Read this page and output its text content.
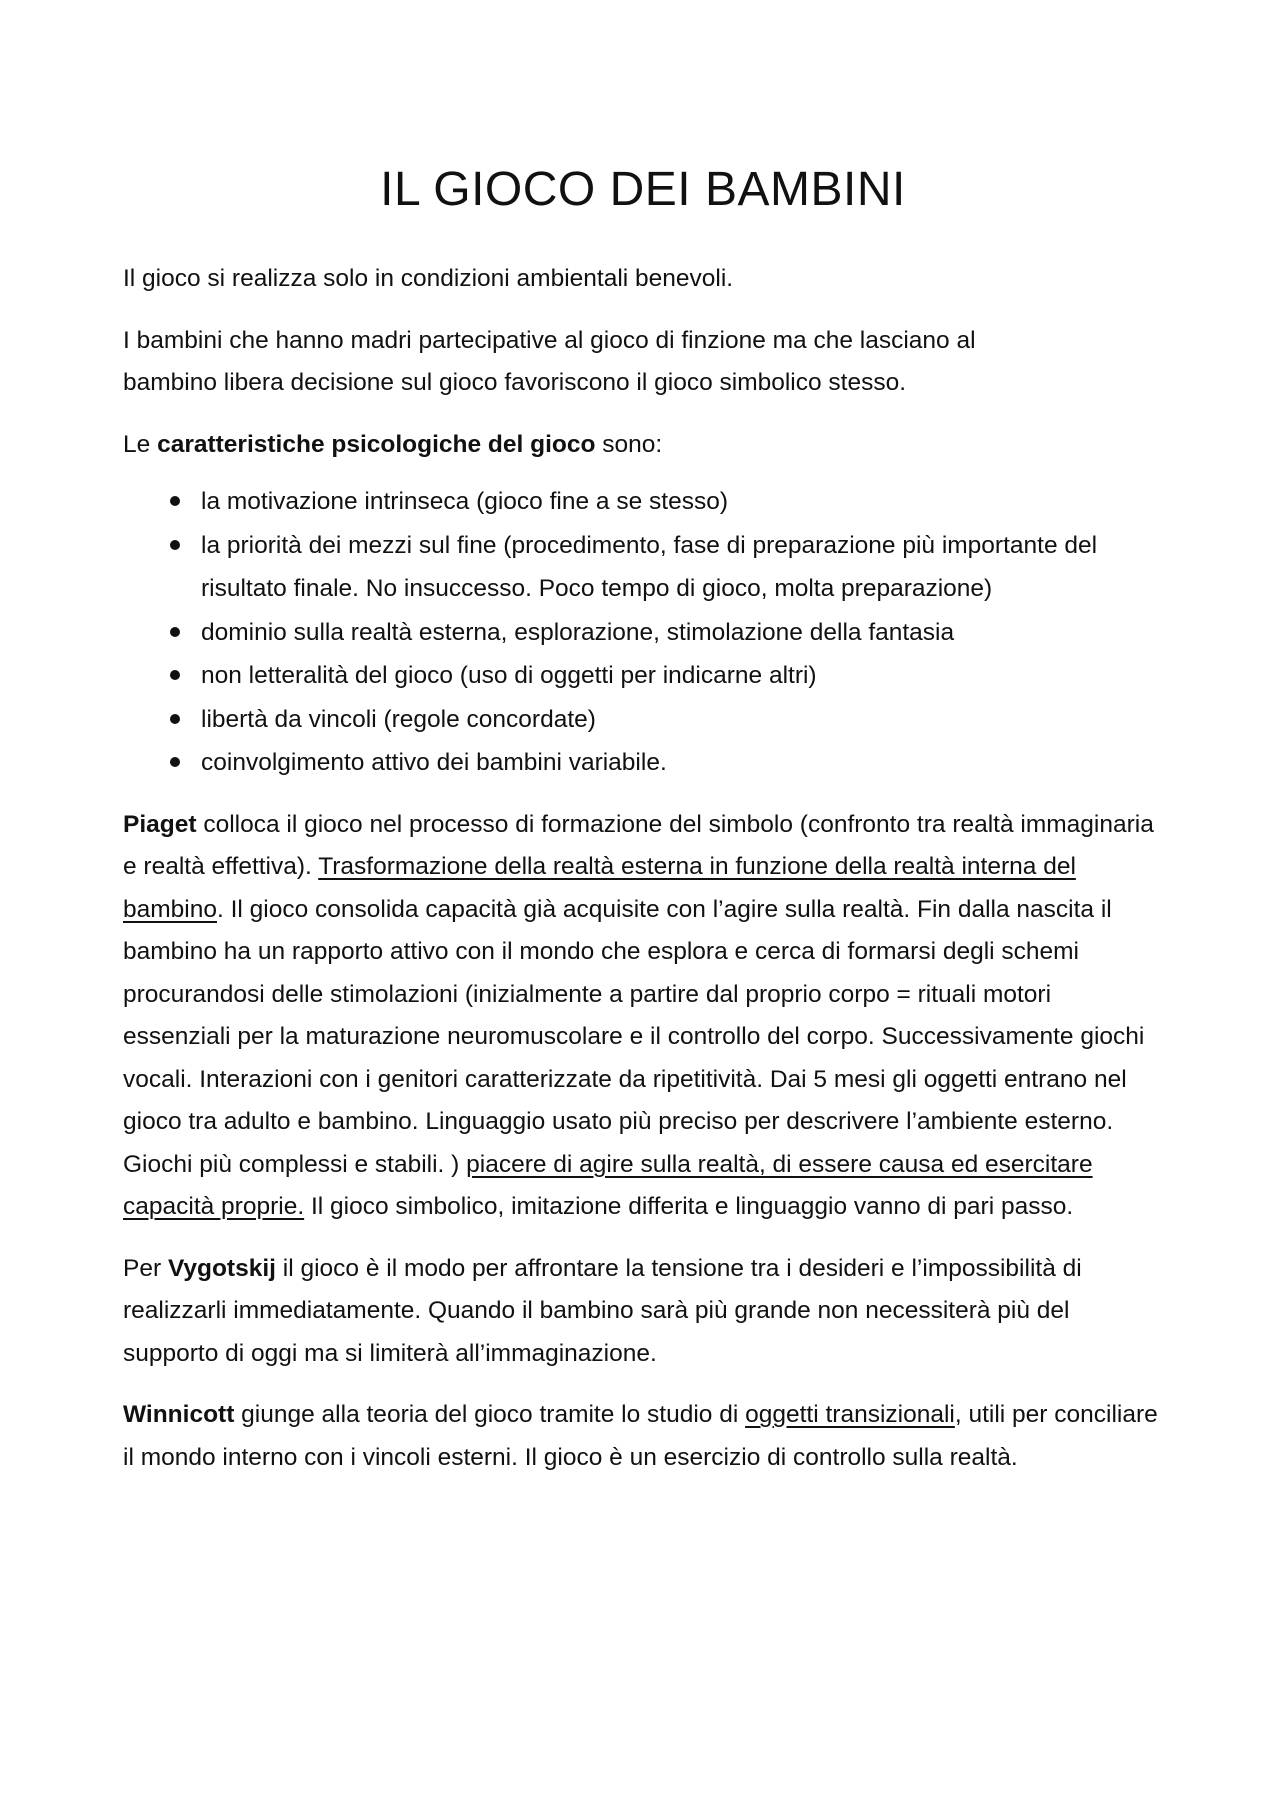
IL GIOCO DEI BAMBINI

Il gioco si realizza solo in condizioni ambientali benevoli.

I bambini che hanno madri partecipative al gioco di finzione ma che lasciano al
bambino libera decisione sul gioco favoriscono il gioco simbolico stesso.

Le caratteristiche psicologiche del gioco sono:

la motivazione intrinseca (gioco fine a se stesso)
la priorità dei mezzi sul fine (procedimento, fase di preparazione più importante del risultato finale. No insuccesso. Poco tempo di gioco, molta preparazione)
dominio sulla realtà esterna, esplorazione, stimolazione della fantasia
non letteralità del gioco (uso di oggetti per indicarne altri)
libertà da vincoli (regole concordate)
coinvolgimento attivo dei bambini variabile.

Piaget colloca il gioco nel processo di formazione del simbolo (confronto tra realtà immaginaria e realtà effettiva). Trasformazione della realtà esterna in funzione della realtà interna del bambino. Il gioco consolida capacità già acquisite con l’agire sulla realtà. Fin dalla nascita il bambino ha un rapporto attivo con il mondo che esplora e cerca di formarsi degli schemi procurandosi delle stimolazioni (inizialmente a partire dal proprio corpo = rituali motori essenziali per la maturazione neuromuscolare e il controllo del corpo. Successivamente giochi vocali. Interazioni con i genitori caratterizzate da ripetitività. Dai 5 mesi gli oggetti entrano nel gioco tra adulto e bambino. Linguaggio usato più preciso per descrivere l’ambiente esterno. Giochi più complessi e stabili. ) piacere di agire sulla realtà, di essere causa ed esercitare capacità proprie. Il gioco simbolico, imitazione differita e linguaggio vanno di pari passo.

Per Vygotskij il gioco è il modo per affrontare la tensione tra i desideri e l’impossibilità di realizzarli immediatamente. Quando il bambino sarà più grande non necessiterà più del supporto di oggi ma si limiterà all’immaginazione.

Winnicott giunge alla teoria del gioco tramite lo studio di oggetti transizionali, utili per conciliare il mondo interno con i vincoli esterni. Il gioco è un esercizio di controllo sulla realtà.
